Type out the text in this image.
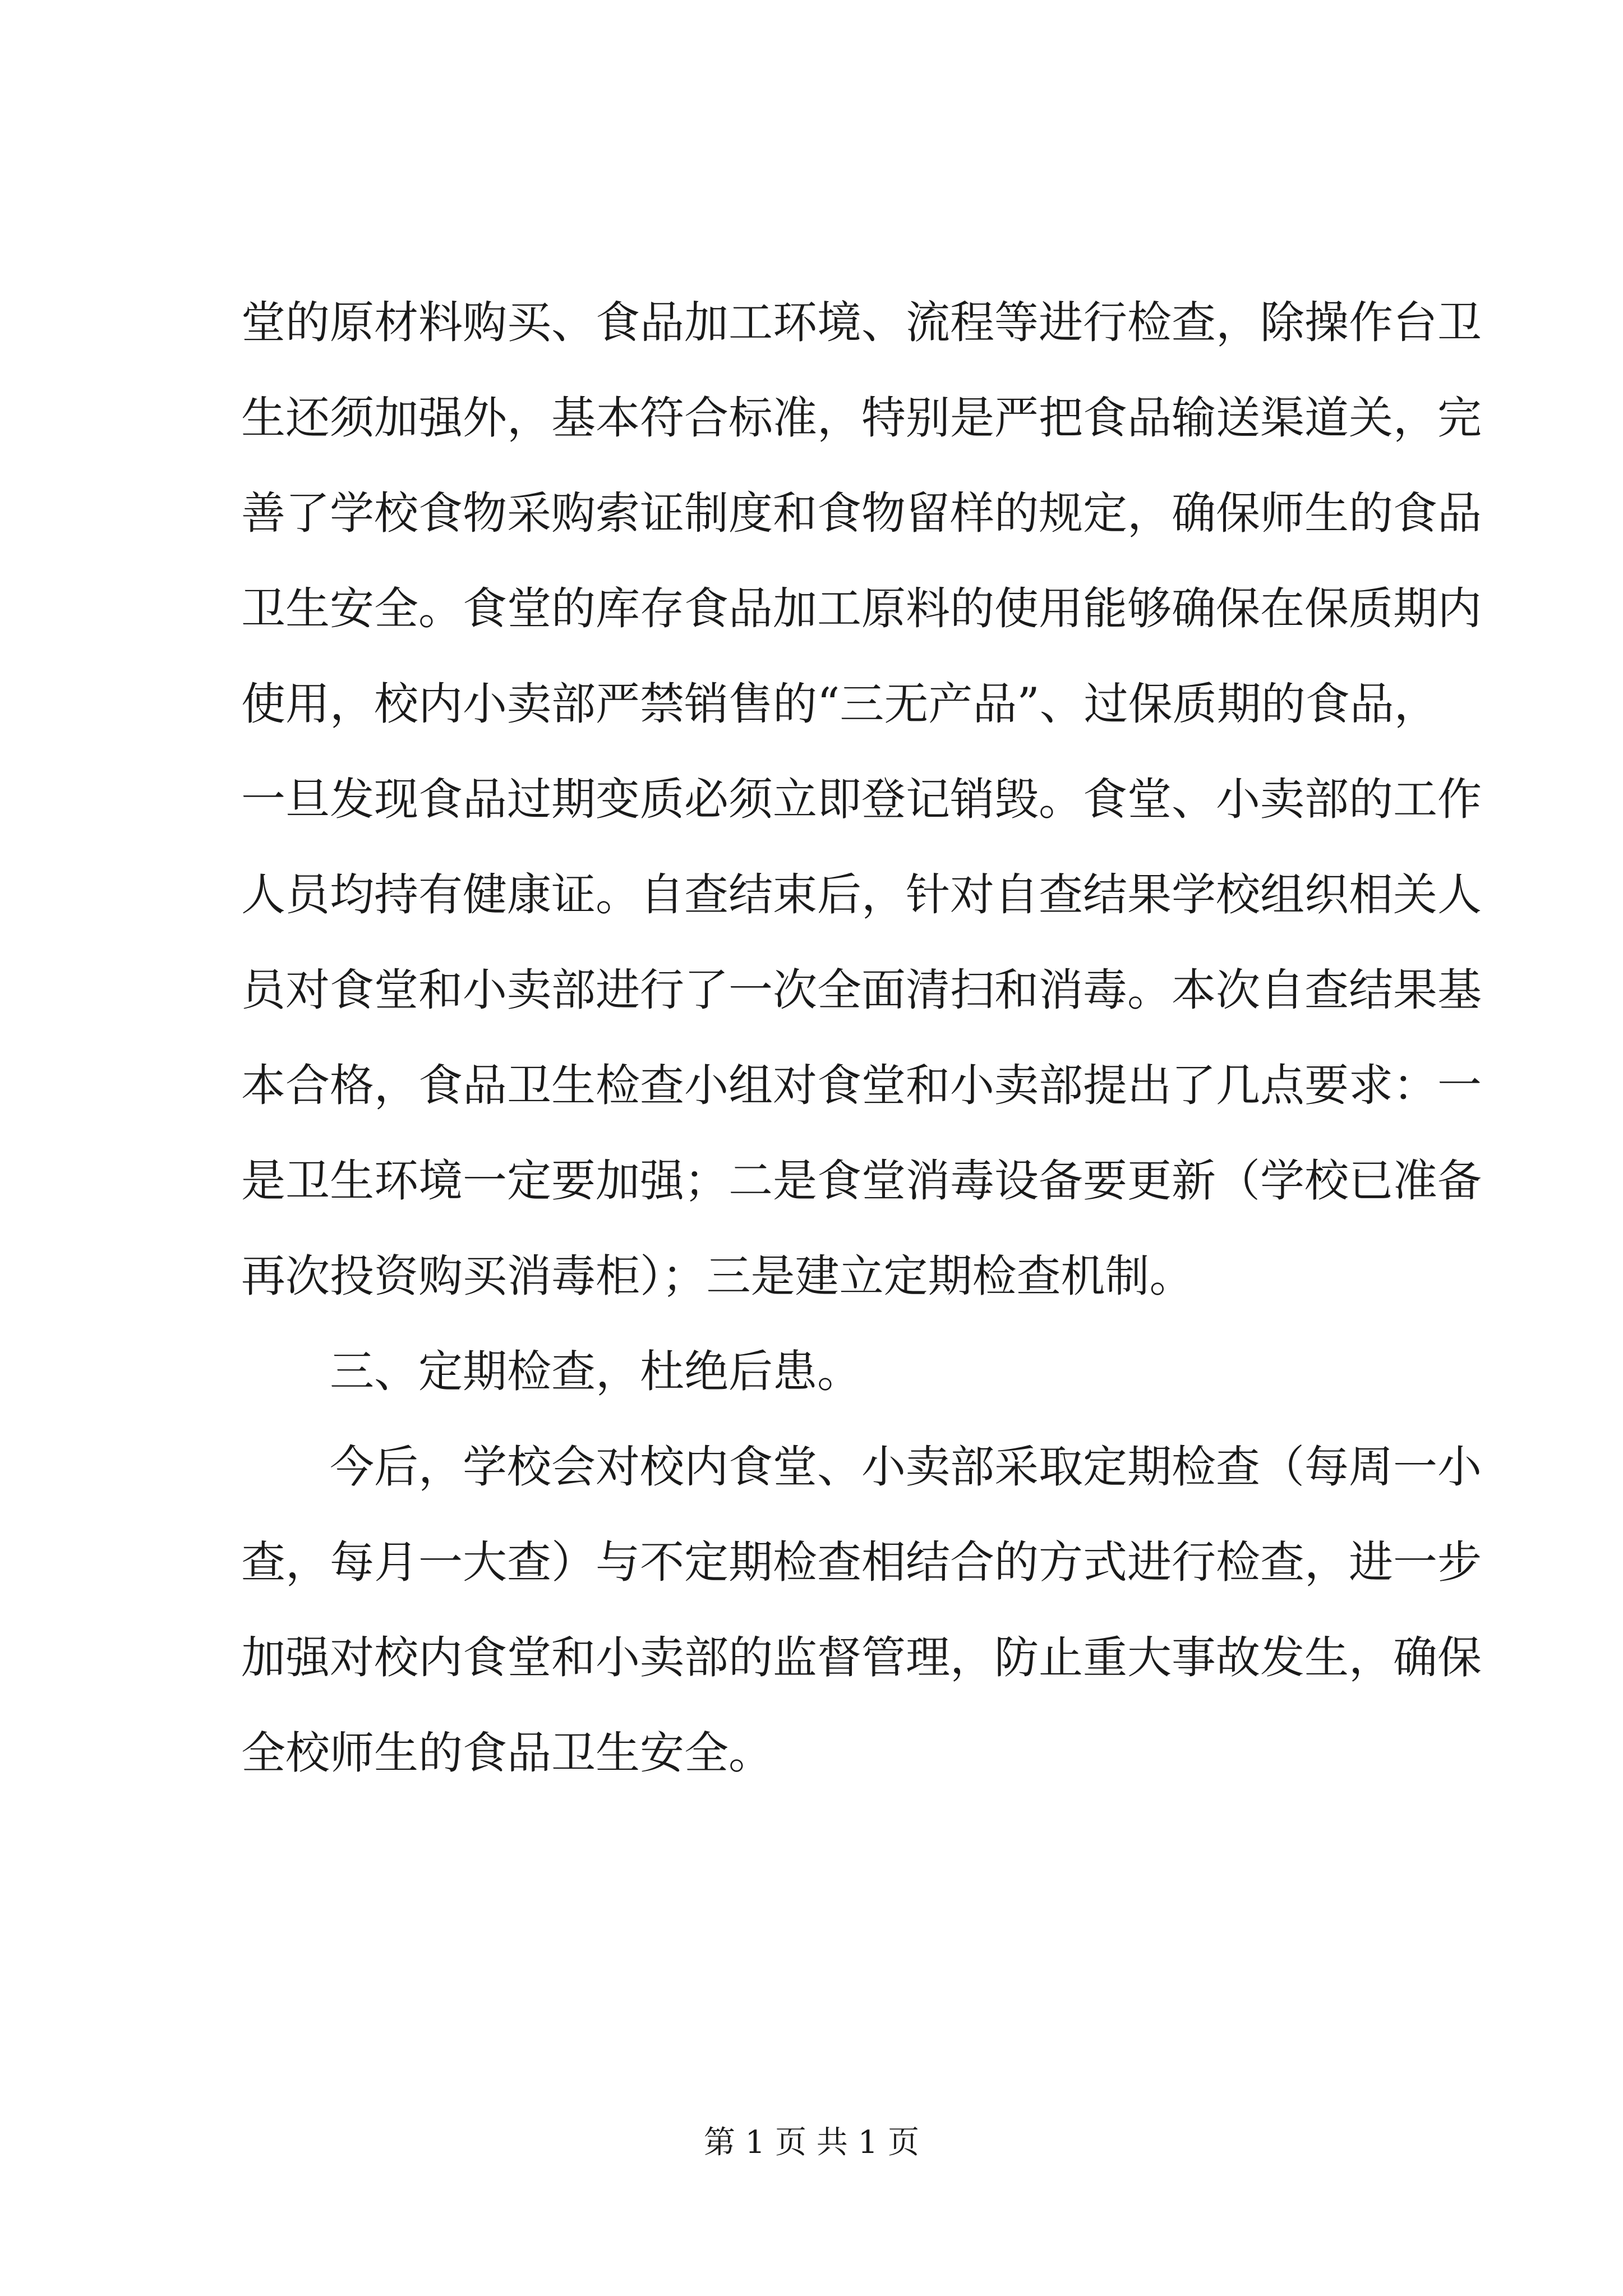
堂的原材料购买、食品加工环境、流程等进行检查，除操作台卫
生还须加强外，基本符合标准，特别是严把食品输送渠道关，完
善了学校食物采购索证制度和食物留样的规定，确保师生的食品
卫生安全。食堂的库存食品加工原料的使用能够确保在保质期内
使用，校内小卖部严禁销售的“三无产品”、过保质期的食品，
一旦发现食品过期变质必须立即登记销毁。食堂、小卖部的工作
人员均持有健康证。自查结束后，针对自查结果学校组织相关人
员对食堂和小卖部进行了一次全面清扫和消毒。本次自查结果基
本合格，食品卫生检查小组对食堂和小卖部提出了几点要求：一
是卫生环境一定要加强；二是食堂消毒设备要更新（学校已准备
再次投资购买消毒柜）；三是建立定期检查机制。
三、定期检查，杜绝后患。
今后，学校会对校内食堂、小卖部采取定期检查（每周一小
查，每月一大查）与不定期检查相结合的方式进行检查，进一步
加强对校内食堂和小卖部的监督管理，防止重大事故发生，确保
全校师生的食品卫生安全。
第 1 页 共 1 页
